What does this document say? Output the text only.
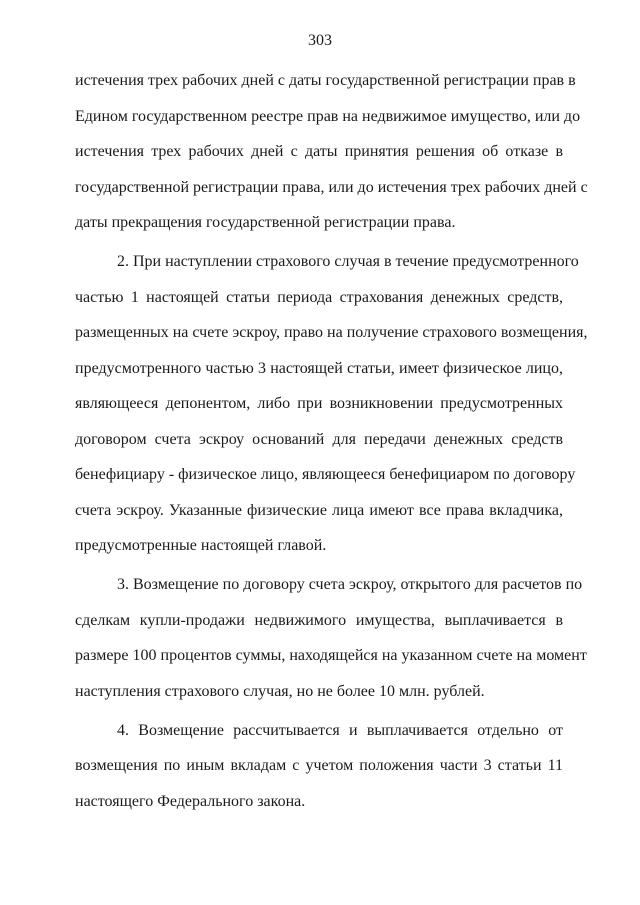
303

истечения трех рабочих дней с даты государственной регистрации прав в
Едином государственном реестре прав на недвижимое имущество, или до
истечения трех рабочих дней с даты принятия решения об отказе в
государственной регистрации права, или до истечения трех рабочих дней с
даты прекращения государственной регистрации права.

2. При наступлении страхового случая в течение предусмотренного
частью 1 настоящей статьи периода страхования денежных средств,
размещенных на счете эскроу, право на получение страхового возмещения,
предусмотренного частью 3 настоящей статьи, имеет физическое лицо,
являющееся депонентом, либо при возникновении предусмотренных
договором счета эскроу оснований для передачи денежных средств
бенефициару - физическое лицо, являющееся бенефициаром по договору
счета эскроу. Указанные физические лица имеют все права вкладчика,
предусмотренные настоящей главой.

3. Возмещение по договору счета эскроу, открытого для расчетов по
сделкам купли-продажи недвижимого имущества, выплачивается в
размере 100 процентов суммы, находящейся на указанном счете на момент
наступления страхового случая, но не более 10 млн. рублей.

4. Возмещение рассчитывается и выплачивается отдельно от
возмещения по иным вкладам с учетом положения части 3 статьи 11
настоящего Федерального закона.
